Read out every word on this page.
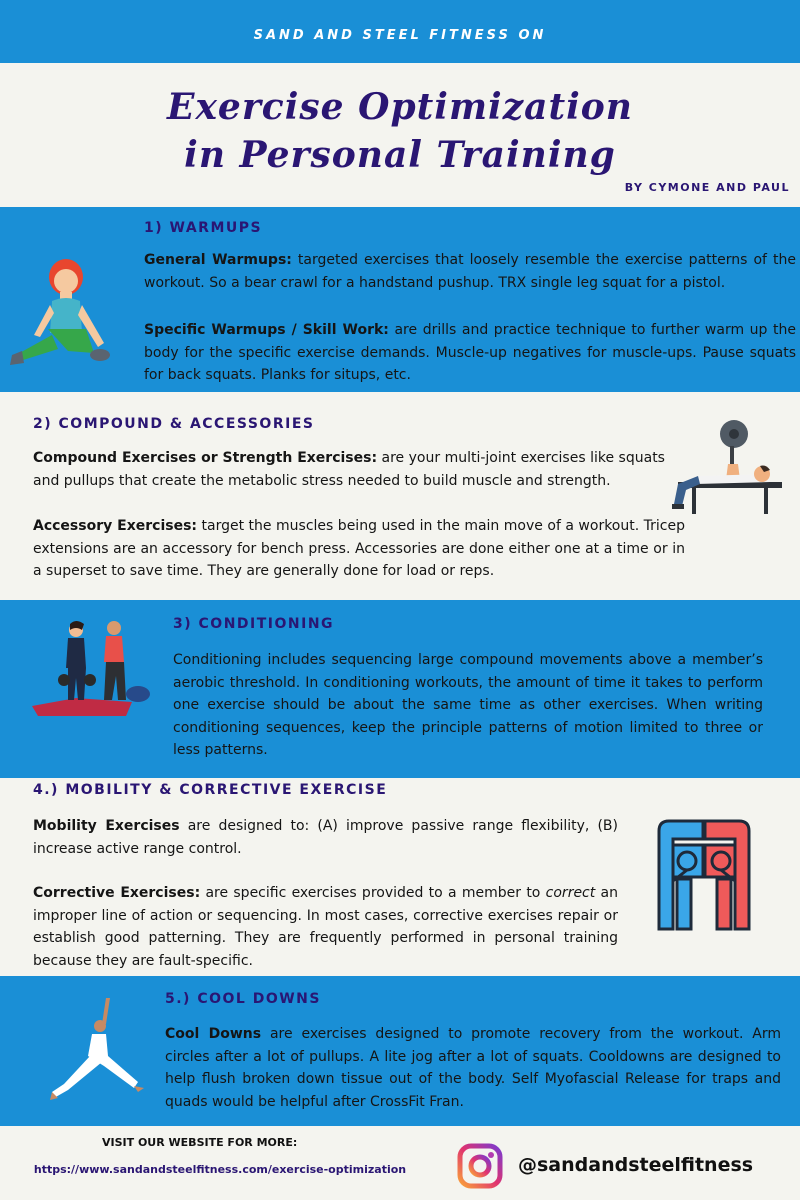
SAND AND STEEL FITNESS ON
Exercise Optimization
in Personal Training
BY CYMONE AND PAUL
1) WARMUPS
General Warmups: targeted exercises that loosely resemble the exercise patterns of the workout. So a bear crawl for a handstand pushup. TRX single leg squat for a pistol.
Specific Warmups / Skill Work: are drills and practice technique to further warm up the body for the specific exercise demands. Muscle-up negatives for muscle-ups. Pause squats for back squats. Planks for situps, etc.
2) COMPOUND & ACCESSORIES
Compound Exercises or Strength Exercises: are your multi-joint exercises like squats and pullups that create the metabolic stress needed to build muscle and strength.
Accessory Exercises: target the muscles being used in the main move of a workout. Tricep extensions are an accessory for bench press. Accessories are done either one at a time or in a superset to save time. They are generally done for load or reps.
3) CONDITIONING
Conditioning includes sequencing large compound movements above a member’s aerobic threshold. In conditioning workouts, the amount of time it takes to perform one exercise should be about the same time as other exercises. When writing conditioning sequences, keep the principle patterns of motion limited to three or less patterns.
4.) MOBILITY & CORRECTIVE EXERCISE
Mobility Exercises are designed to: (A) improve passive range flexibility, (B) increase active range control.
Corrective Exercises: are specific exercises provided to a member to correct an improper line of action or sequencing. In most cases, corrective exercises repair or establish good patterning. They are frequently performed in personal training because they are fault-specific.
5.) COOL DOWNS
Cool Downs are exercises designed to promote recovery from the workout. Arm circles after a lot of pullups. A lite jog after a lot of squats. Cooldowns are designed to help flush broken down tissue out of the body. Self Myofascial Release for traps and quads would be helpful after CrossFit Fran.
VISIT OUR WEBSITE FOR MORE:
https://www.sandandsteelfitness.com/exercise-optimization	@sandandsteelfitness
